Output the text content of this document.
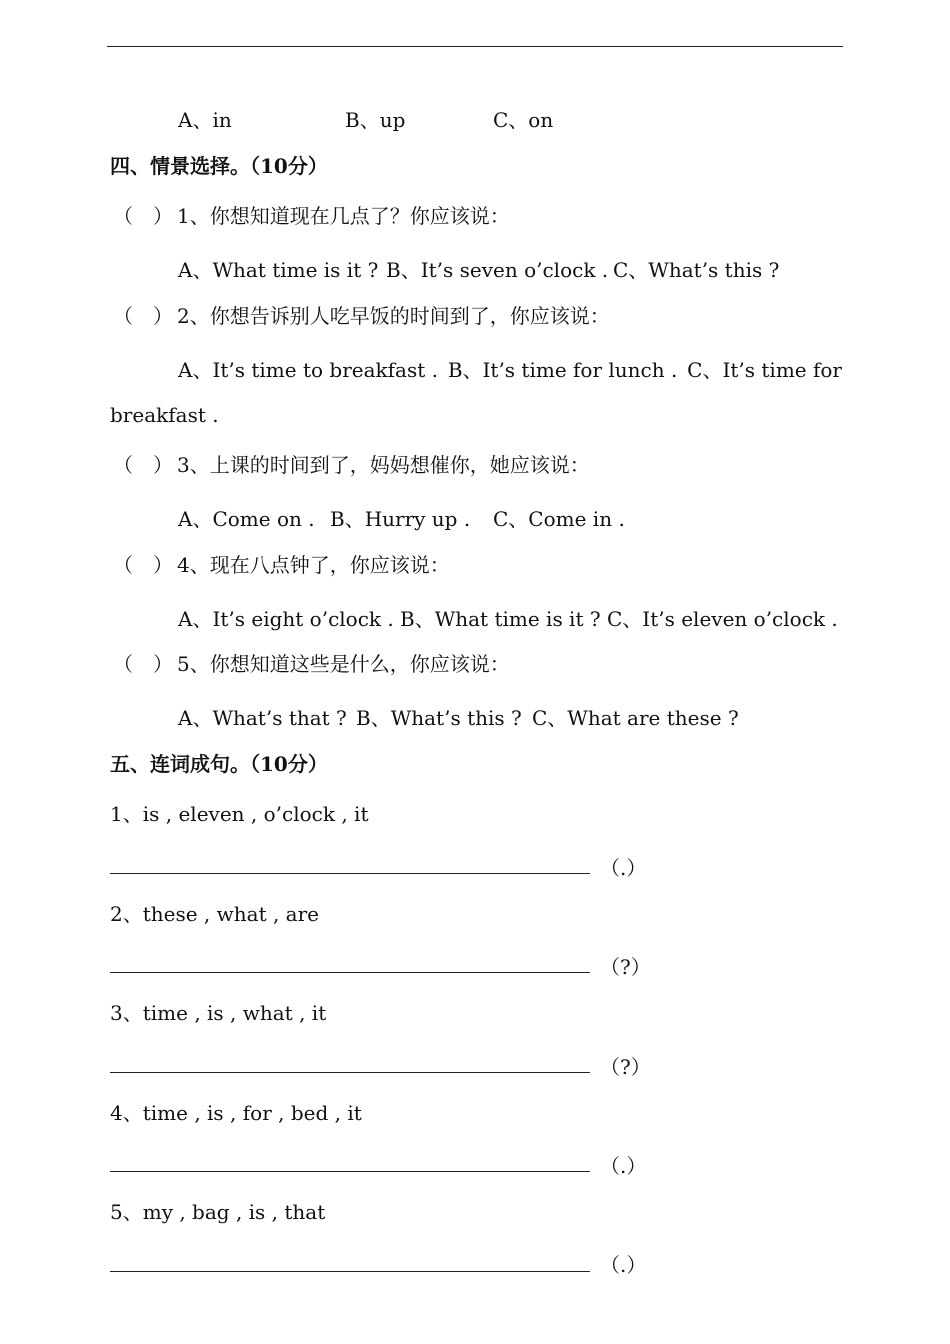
A、in	B、up	C、on
四、情景选择。（10分）
（　） 1、你想知道现在几点了？你应该说：
A、What time is it ? B、It’s seven o’clock . C、What’s this ?
（　） 2、你想告诉别人吃早饭的时间到了，你应该说：
A、It’s time to breakfast . B、It’s time for lunch . C、It’s time for
breakfast .
（　） 3、上课的时间到了，妈妈想催你，她应该说：
A、Come on . B、Hurry up . C、Come in .
（　） 4、现在八点钟了，你应该说：
A、It’s eight o’clock . B、What time is it ? C、It’s eleven o’clock .
（　） 5、你想知道这些是什么，你应该说：
A、What’s that ? B、What’s this ? C、What are these ?
五、连词成句。（10分）
1、is , eleven , o’clock , it
（.）
2、these , what , are
（?）
3、time , is , what , it
（?）
4、time , is , for , bed , it
（.）
5、my , bag , is , that
（.）
